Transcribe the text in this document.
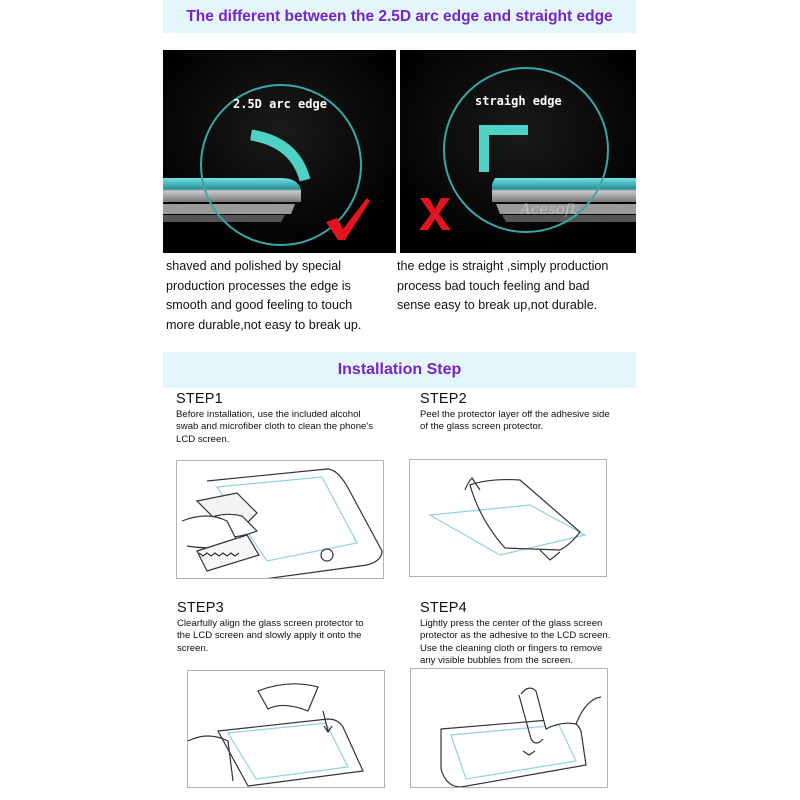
The different between the 2.5D arc edge and straight edge
2.5D arc edge	straigh edge
Acesoft
shaved and polished by special
production processes the edge is
smooth and good feeling to touch
more durable,not easy to break up.
the edge is straight ,simply production
process bad touch feeling and bad
sense easy to break up,not durable.
Installation Step
STEP1
Before installation, use the included alcohol
swab and microfiber cloth to clean the phone's
LCD screen.
STEP2
Peel the protector layer off the adhesive side
of the glass screen protector.
STEP3
Clearfully align the glass screen protector to
the LCD screen and slowly apply it onto the
screen.
STEP4
Lightly press the center of the glass screen
protector as the adhesive to the LCD screen.
Use the cleaning cloth or fingers to remove
any visible bubbles from the screen.
